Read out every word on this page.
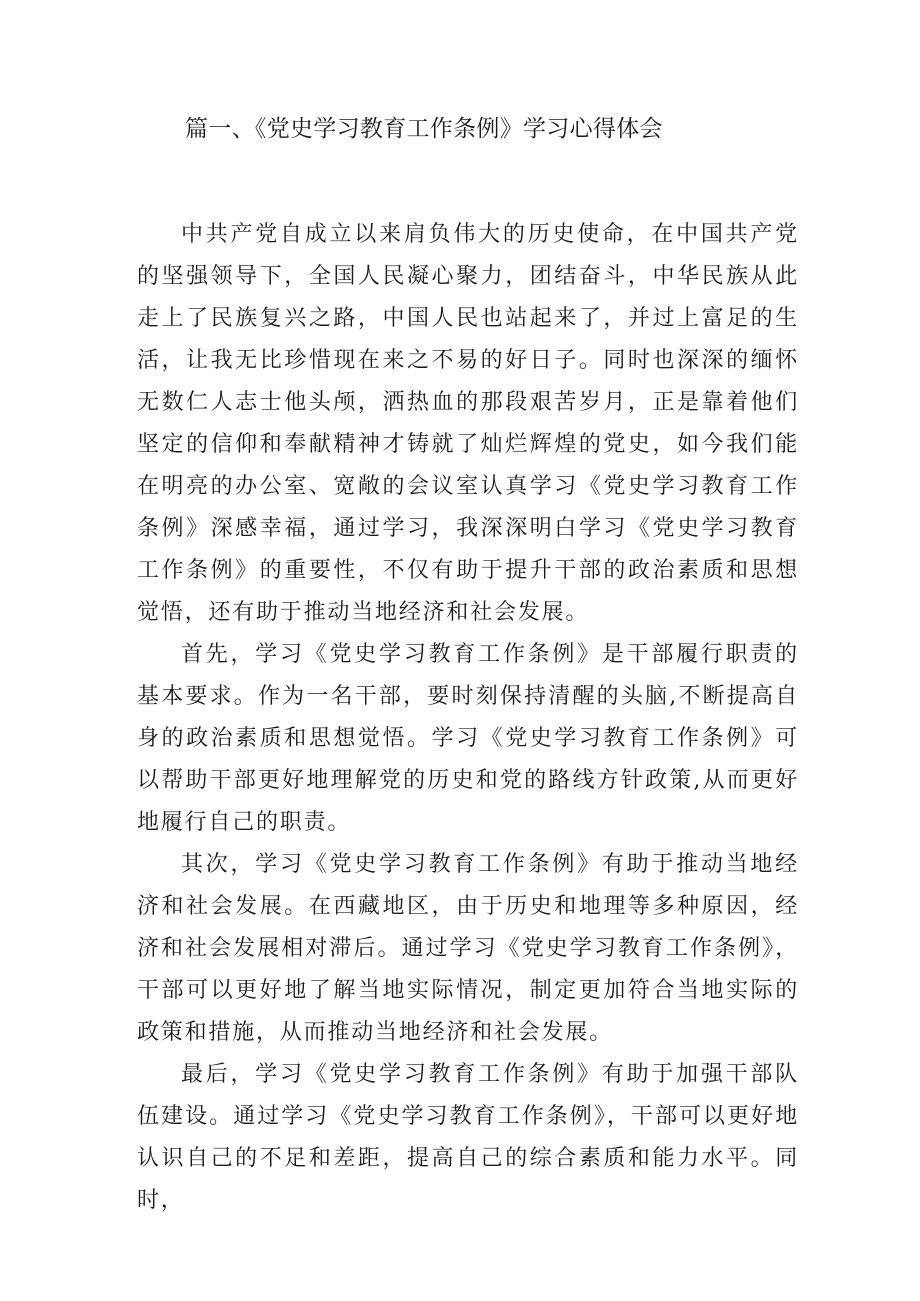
篇一、《党史学习教育工作条例》学习心得体会

中共产党自成立以来肩负伟大的历史使命，在中国共产党的坚强领导下，全国人民凝心聚力，团结奋斗，中华民族从此走上了民族复兴之路，中国人民也站起来了，并过上富足的生活，让我无比珍惜现在来之不易的好日子。同时也深深的缅怀无数仁人志士他头颅，洒热血的那段艰苦岁月，正是靠着他们坚定的信仰和奉献精神才铸就了灿烂辉煌的党史，如今我们能在明亮的办公室、宽敞的会议室认真学习《党史学习教育工作条例》深感幸福，通过学习，我深深明白学习《党史学习教育工作条例》的重要性，不仅有助于提升干部的政治素质和思想觉悟，还有助于推动当地经济和社会发展。

首先，学习《党史学习教育工作条例》是干部履行职责的基本要求。作为一名干部，要时刻保持清醒的头脑,不断提高自身的政治素质和思想觉悟。学习《党史学习教育工作条例》可以帮助干部更好地理解党的历史和党的路线方针政策,从而更好地履行自己的职责。

其次，学习《党史学习教育工作条例》有助于推动当地经济和社会发展。在西藏地区，由于历史和地理等多种原因，经济和社会发展相对滞后。通过学习《党史学习教育工作条例》，干部可以更好地了解当地实际情况，制定更加符合当地实际的政策和措施，从而推动当地经济和社会发展。

最后，学习《党史学习教育工作条例》有助于加强干部队伍建设。通过学习《党史学习教育工作条例》，干部可以更好地认识自己的不足和差距，提高自己的综合素质和能力水平。同时，
